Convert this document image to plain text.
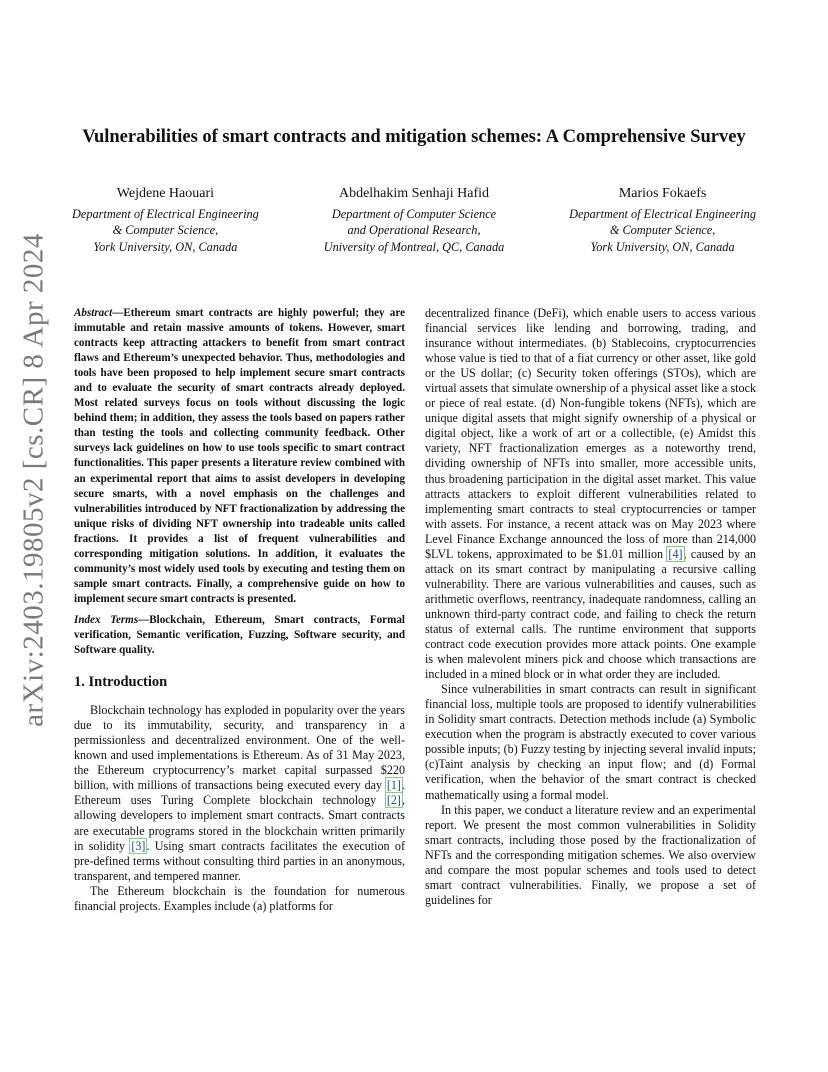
arXiv:2403.19805v2 [cs.CR] 8 Apr 2024
Vulnerabilities of smart contracts and mitigation schemes: A Comprehensive Survey
Wejdene Haouari
Department of Electrical Engineering
& Computer Science,
York University, ON, Canada
Abdelhakim Senhaji Hafid
Department of Computer Science
and Operational Research,
University of Montreal, QC, Canada
Marios Fokaefs
Department of Electrical Engineering
& Computer Science,
York University, ON, Canada

Abstract—Ethereum smart contracts are highly powerful; they are immutable and retain massive amounts of tokens. However, smart contracts keep attracting attackers to benefit from smart contract flaws and Ethereum’s unexpected behavior. Thus, methodologies and tools have been proposed to help implement secure smart contracts and to evaluate the security of smart contracts already deployed. Most related surveys focus on tools without discussing the logic behind them; in addition, they assess the tools based on papers rather than testing the tools and collecting community feedback. Other surveys lack guidelines on how to use tools specific to smart contract functionalities. This paper presents a literature review combined with an experimental report that aims to assist developers in developing secure smarts, with a novel emphasis on the challenges and vulnerabilities introduced by NFT fractionalization by addressing the unique risks of dividing NFT ownership into tradeable units called fractions. It provides a list of frequent vulnerabilities and corresponding mitigation solutions. In addition, it evaluates the community’s most widely used tools by executing and testing them on sample smart contracts. Finally, a comprehensive guide on how to implement secure smart contracts is presented.

Index Terms—Blockchain, Ethereum, Smart contracts, Formal verification, Semantic verification, Fuzzing, Software security, and Software quality.

1. Introduction

Blockchain technology has exploded in popularity over the years due to its immutability, security, and transparency in a permissionless and decentralized environment. One of the well-known and used implementations is Ethereum. As of 31 May 2023, the Ethereum cryptocurrency’s market capital surpassed $220 billion, with millions of transactions being executed every day [1]. Ethereum uses Turing Complete blockchain technology [2], allowing developers to implement smart contracts. Smart contracts are executable programs stored in the blockchain written primarily in solidity [3]. Using smart contracts facilitates the execution of pre-defined terms without consulting third parties in an anonymous, transparent, and tempered manner.

The Ethereum blockchain is the foundation for numerous financial projects. Examples include (a) platforms for

decentralized finance (DeFi), which enable users to access various financial services like lending and borrowing, trading, and insurance without intermediates. (b) Stablecoins, cryptocurrencies whose value is tied to that of a fiat currency or other asset, like gold or the US dollar; (c) Security token offerings (STOs), which are virtual assets that simulate ownership of a physical asset like a stock or piece of real estate. (d) Non-fungible tokens (NFTs), which are unique digital assets that might signify ownership of a physical or digital object, like a work of art or a collectible, (e) Amidst this variety, NFT fractionalization emerges as a noteworthy trend, dividing ownership of NFTs into smaller, more accessible units, thus broadening participation in the digital asset market. This value attracts attackers to exploit different vulnerabilities related to implementing smart contracts to steal cryptocurrencies or tamper with assets. For instance, a recent attack was on May 2023 where Level Finance Exchange announced the loss of more than 214,000 $LVL tokens, approximated to be $1.01 million [4], caused by an attack on its smart contract by manipulating a recursive calling vulnerability. There are various vulnerabilities and causes, such as arithmetic overflows, reentrancy, inadequate randomness, calling an unknown third-party contract code, and failing to check the return status of external calls. The runtime environment that supports contract code execution provides more attack points. One example is when malevolent miners pick and choose which transactions are included in a mined block or in what order they are included.

Since vulnerabilities in smart contracts can result in significant financial loss, multiple tools are proposed to identify vulnerabilities in Solidity smart contracts. Detection methods include (a) Symbolic execution when the program is abstractly executed to cover various possible inputs; (b) Fuzzy testing by injecting several invalid inputs; (c)Taint analysis by checking an input flow; and (d) Formal verification, when the behavior of the smart contract is checked mathematically using a formal model.

In this paper, we conduct a literature review and an experimental report. We present the most common vulnerabilities in Solidity smart contracts, including those posed by the fractionalization of NFTs and the corresponding mitigation schemes. We also overview and compare the most popular schemes and tools used to detect smart contract vulnerabilities. Finally, we propose a set of guidelines for
